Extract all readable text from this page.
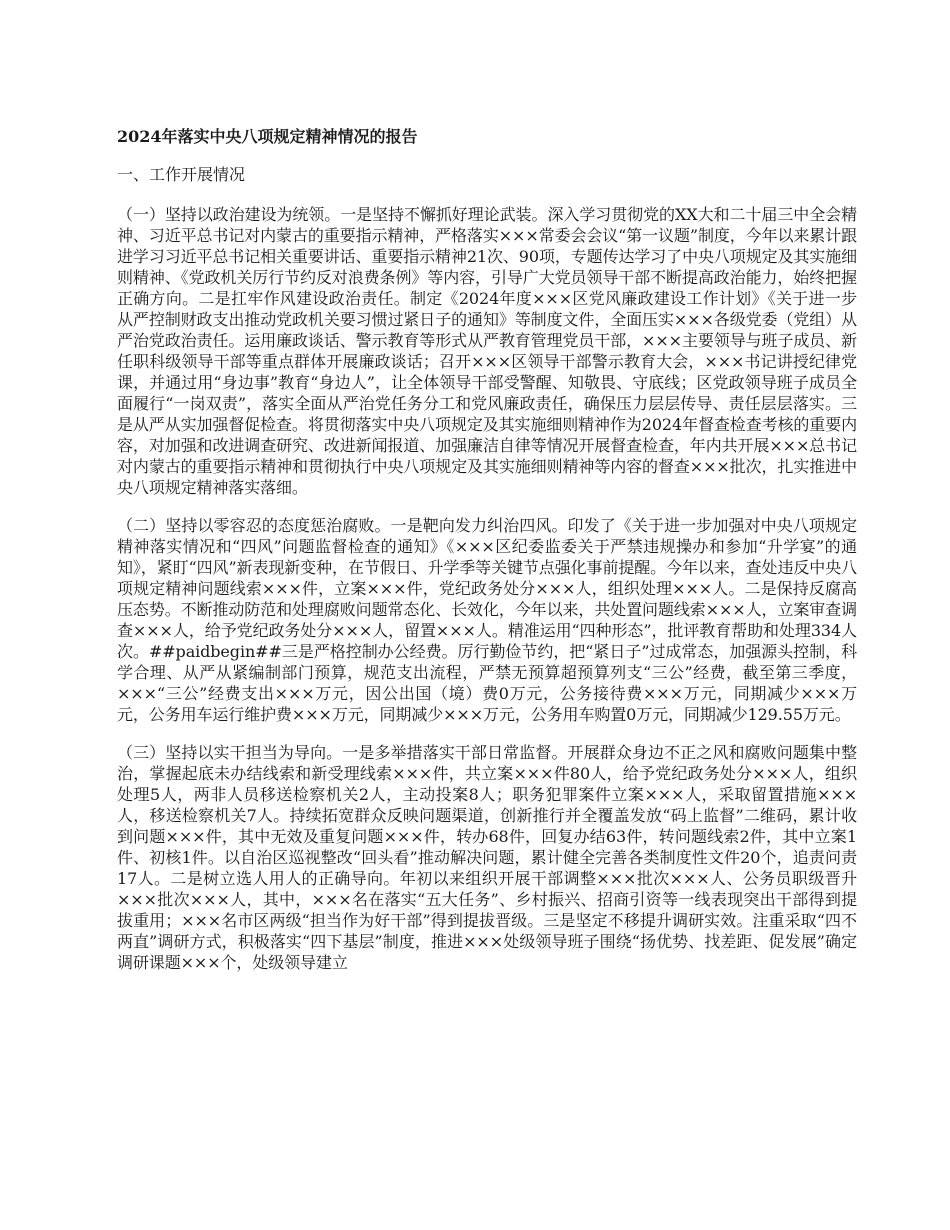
2024年落实中央八项规定精神情况的报告
一、工作开展情况

（一）坚持以政治建设为统领。一是坚持不懈抓好理论武装。深入学习贯彻党的XX大和二十届三中全会精神、习近平总书记对内蒙古的重要指示精神，严格落实×××常委会会议“第一议题”制度，今年以来累计跟进学习习近平总书记相关重要讲话、重要指示精神21次、90项，专题传达学习了中央八项规定及其实施细则精神、《党政机关厉行节约反对浪费条例》等内容，引导广大党员领导干部不断提高政治能力，始终把握正确方向。二是扛牢作风建设政治责任。制定《2024年度×××区党风廉政建设工作计划》《关于进一步从严控制财政支出推动党政机关要习惯过紧日子的通知》等制度文件，全面压实×××各级党委（党组）从严治党政治责任。运用廉政谈话、警示教育等形式从严教育管理党员干部，×××主要领导与班子成员、新任职科级领导干部等重点群体开展廉政谈话；召开×××区领导干部警示教育大会，×××书记讲授纪律党课，并通过用“身边事”教育“身边人”，让全体领导干部受警醒、知敬畏、守底线；区党政领导班子成员全面履行“一岗双责”，落实全面从严治党任务分工和党风廉政责任，确保压力层层传导、责任层层落实。三是从严从实加强督促检查。将贯彻落实中央八项规定及其实施细则精神作为2024年督查检查考核的重要内容，对加强和改进调查研究、改进新闻报道、加强廉洁自律等情况开展督查检查，年内共开展×××总书记对内蒙古的重要指示精神和贯彻执行中央八项规定及其实施细则精神等内容的督查×××批次，扎实推进中央八项规定精神落实落细。

（二）坚持以零容忍的态度惩治腐败。一是靶向发力纠治四风。印发了《关于进一步加强对中央八项规定精神落实情况和“四风”问题监督检查的通知》《×××区纪委监委关于严禁违规操办和参加“升学宴”的通知》，紧盯“四风”新表现新变种，在节假日、升学季等关键节点强化事前提醒。今年以来，查处违反中央八项规定精神问题线索×××件，立案×××件，党纪政务处分×××人，组织处理×××人。二是保持反腐高压态势。不断推动防范和处理腐败问题常态化、长效化，今年以来，共处置问题线索×××人，立案审查调查×××人，给予党纪政务处分×××人，留置×××人。精准运用“四种形态”，批评教育帮助和处理334人次。##paidbegin##三是严格控制办公经费。厉行勤俭节约，把“紧日子”过成常态，加强源头控制，科学合理、从严从紧编制部门预算，规范支出流程，严禁无预算超预算列支“三公”经费，截至第三季度，×××“三公”经费支出×××万元，因公出国（境）费0万元，公务接待费×××万元，同期减少×××万元，公务用车运行维护费×××万元，同期减少×××万元，公务用车购置0万元，同期减少129.55万元。

（三）坚持以实干担当为导向。一是多举措落实干部日常监督。开展群众身边不正之风和腐败问题集中整治，掌握起底未办结线索和新受理线索×××件，共立案×××件80人，给予党纪政务处分×××人，组织处理5人，两非人员移送检察机关2人，主动投案8人；职务犯罪案件立案×××人，采取留置措施×××人，移送检察机关7人。持续拓宽群众反映问题渠道，创新推行并全覆盖发放“码上监督”二维码，累计收到问题×××件，其中无效及重复问题×××件，转办68件，回复办结63件，转问题线索2件，其中立案1件、初核1件。以自治区巡视整改“回头看”推动解决问题，累计健全完善各类制度性文件20个，追责问责17人。二是树立选人用人的正确导向。年初以来组织开展干部调整×××批次×××人、公务员职级晋升×××批次×××人，其中，×××名在落实“五大任务”、乡村振兴、招商引资等一线表现突出干部得到提拔重用；×××名市区两级“担当作为好干部”得到提拔晋级。三是坚定不移提升调研实效。注重采取“四不两直”调研方式，积极落实“四下基层”制度，推进×××处级领导班子围绕“扬优势、找差距、促发展”确定调研课题×××个，处级领导建立
